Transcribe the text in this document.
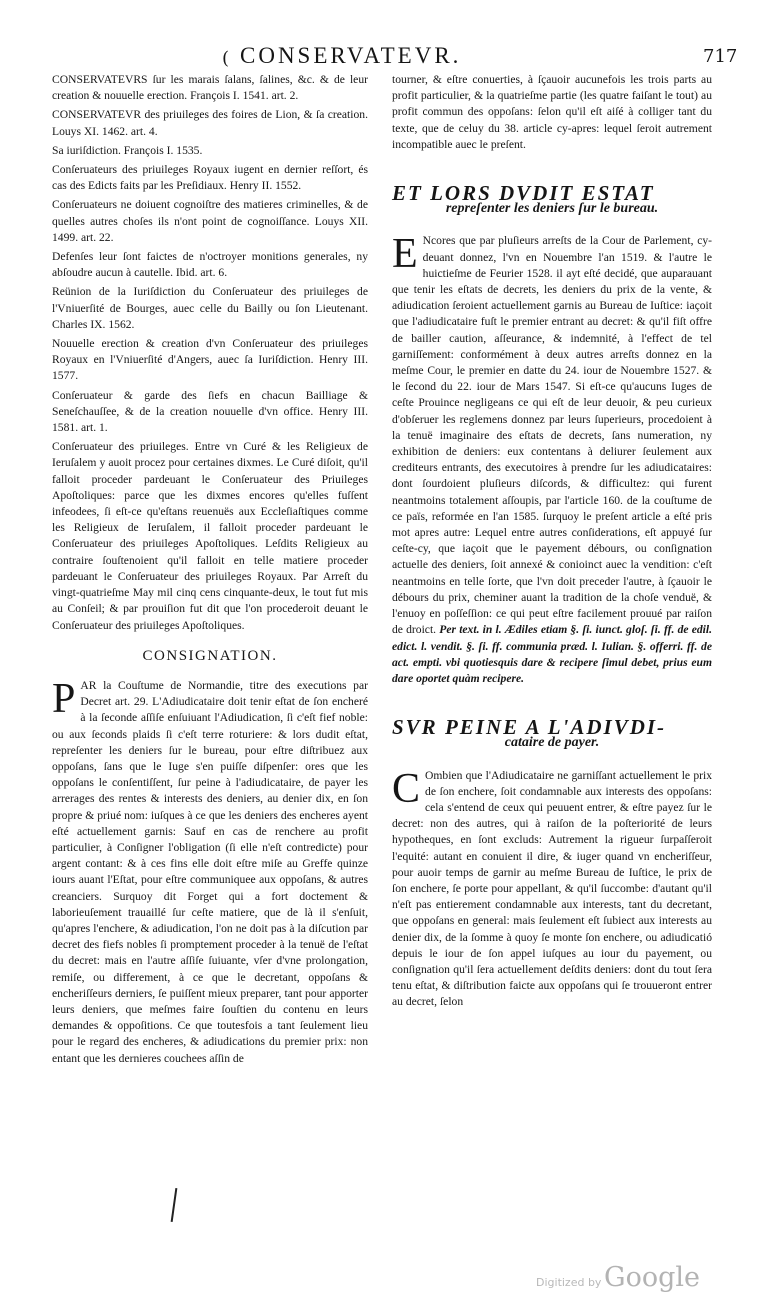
( CONSERVATEVR.	717

CONSERVATEVRS ſur les marais ſalans, ſalines, &c. & de leur creation & nouuelle erection. François I. 1541. art. 2.

CONSERVATEVR des priuileges des foires de Lion, & ſa creation. Louys XI. 1462. art. 4.

Sa iuriſdiction. François I. 1535.

Conſeruateurs des priuileges Royaux iugent en dernier reſſort, és cas des Edicts faits par les Preſidiaux. Henry II. 1552.

Conſeruateurs ne doiuent cognoiſtre des matieres criminelles, & de quelles autres choſes ils n'ont point de cognoiſſance. Louys XII. 1499. art. 22.

Defenſes leur ſont faictes de n'octroyer monitions generales, ny abſoudre aucun à cautelle. Ibid. art. 6.

Reünion de la Iuriſdiction du Conſeruateur des priuileges de l'Vniuerſité de Bourges, auec celle du Bailly ou ſon Lieutenant. Charles IX. 1562.

Nouuelle erection & creation d'vn Conſeruateur des priuileges Royaux en l'Vniuerſité d'Angers, auec ſa Iuriſdiction. Henry III. 1577.

Conſeruateur & garde des ſiefs en chacun Bailliage & Seneſchauſſee, & de la creation nouuelle d'vn office. Henry III. 1581. art. 1.

Conſeruateur des priuileges. Entre vn Curé & les Religieux de Ieruſalem y auoit procez pour certaines dixmes. Le Curé diſoit, qu'il falloit proceder pardeuant le Conſeruateur des Priuileges Apoſtoliques: parce que les dixmes encores qu'elles fuſſent infeodees, ſi eſt-ce qu'eſtans reuenuës aux Eccleſiaſtiques comme les Religieux de Ieruſalem, il falloit proceder pardeuant le Conſeruateur des priuileges Apoſtoliques. Leſdits Religieux au contraire ſouſtenoient qu'il falloit en telle matiere proceder pardeuant le Conſeruateur des priuileges Royaux. Par Arreſt du vingt-quatrieſme May mil cinq cens cinquante-deux, le tout fut mis au Conſeil; & par prouiſion fut dit que l'on procederoit deuant le Conſeruateur des priuileges Apoſtoliques.

CONSIGNATION.

P AR la Couſtume de Normandie, titre des executions par Decret art. 29. L'Adiudicataire doit tenir eſtat de ſon encheré à la ſeconde aſſiſe enſuiuant l'Adiudication, ſi c'eſt fief noble: ou aux ſeconds plaids ſi c'eſt terre roturiere: & lors dudit eſtat, repreſenter les deniers ſur le bureau, pour eſtre diſtribuez aux oppoſans, ſans que le Iuge s'en puiſſe diſpenſer: ores que les oppoſans le conſentiſſent, ſur peine à l'adiudicataire, de payer les arrerages des rentes & interests des deniers, au denier dix, en ſon propre & priué nom: iuſques à ce que les deniers des encheres ayent eſté actuellement garnis: Sauf en cas de renchere au profit particulier, à Conſigner l'obligation (ſi elle n'eſt contredicte) pour argent contant: & à ces fins elle doit eſtre miſe au Greffe quinze iours auant l'Eſtat, pour eſtre communiquee aux oppoſans, & autres creanciers. Surquoy dit Forget qui a fort doctement & laborieuſement trauaillé ſur ceſte matiere, que de là il s'enſuit, qu'apres l'enchere, & adiudication, l'on ne doit pas à la diſcution par decret des fiefs nobles ſi promptement proceder à la tenuë de l'eſtat du decret: mais en l'autre aſſiſe ſuiuante, vſer d'vne prolongation, remiſe, ou differement, à ce que le decretant, oppoſans & encheriſſeurs derniers, ſe puiſſent mieux preparer, tant pour apporter leurs deniers, que meſmes faire ſouſtien du contenu en leurs demandes & oppoſitions. Ce que toutesfois a tant ſeulement lieu pour le regard des encheres, & adiudications du premier prix: non entant que les dernieres couchees aſſin de

tourner, & eſtre conuerties, à ſçauoir aucunefois les trois parts au profit particulier, & la quatrieſme partie (les quatre faiſant le tout) au profit commun des oppoſans: ſelon qu'il eſt aiſé à colliger tant du texte, que de celuy du 38. article cy-apres: lequel ſeroit autrement incompatible auec le preſent.

ET LORS DVDIT ESTAT
repreſenter les deniers ſur le bureau.

E Ncores que par pluſieurs arreſts de la Cour de Parlement, cy-deuant donnez, l'vn en Nouembre l'an 1519. & l'autre le huictieſme de Feurier 1528. il ayt eſté decidé, que auparauant que tenir les eſtats de decrets, les deniers du prix de la vente, & adiudication ſeroient actuellement garnis au Bureau de Iuſtice: iaçoit que l'adiudicataire fuſt le premier entrant au decret: & qu'il fiſt offre de bailler caution, aſſeurance, & indemnité, à l'effect de tel garniſſement: conformément à deux autres arreſts donnez en la meſme Cour, le premier en datte du 24. iour de Nouembre 1527. & le ſecond du 22. iour de Mars 1547. Si eſt-ce qu'aucuns Iuges de ceſte Prouince negligeans ce qui eſt de leur deuoir, & peu curieux d'obſeruer les reglemens donnez par leurs ſuperieurs, procedoient à la tenuë imaginaire des eſtats de decrets, ſans numeration, ny exhibition de deniers: eux contentans à deliurer ſeulement aux crediteurs entrants, des executoires à prendre ſur les adiudicataires: dont ſourdoient pluſieurs diſcords, & difficultez: qui furent neantmoins totalement aſſoupis, par l'article 160. de la couſtume de ce païs, reformée en l'an 1585. ſurquoy le preſent article a eſté pris mot apres autre: Lequel entre autres conſiderations, eſt appuyé ſur ceſte-cy, que iaçoit que le payement débours, ou conſignation actuelle des deniers, ſoit annexé & conioinct auec la vendition: c'eſt neantmoins en telle ſorte, que l'vn doit preceder l'autre, à ſçauoir le débours du prix, cheminer auant la tradition de la choſe venduë, & l'enuoy en poſſeſſion: ce qui peut eſtre facilement prouué par raiſon de droict. Per text. in l. Ædiles etiam §. ſi. iunct. gloſ. ſi. ff. de edil. edict. l. vendit. §. ſi. ff. communia præd. l. Iulian. §. offerri. ff. de act. empti. vbi quotiesquis dare & recipere ſimul debet, prius eum dare oportet quàm recipere.

SVR PEINE A L'ADIVDI-
cataire de payer.

C Ombien que l'Adiudicataire ne garniſſant actuellement le prix de ſon enchere, ſoit condamnable aux interests des oppoſans: cela s'entend de ceux qui peuuent entrer, & eſtre payez ſur le decret: non des autres, qui à raiſon de la poſteriorité de leurs hypotheques, en ſont excluds: Autrement la rigueur ſurpaſſeroit l'equité: autant en conuient il dire, & iuger quand vn encheriſſeur, pour auoir temps de garnir au meſme Bureau de Iuſtice, le prix de ſon enchere, ſe porte pour appellant, & qu'il ſuccombe: d'autant qu'il n'eſt pas entierement condamnable aux interests, tant du decretant, que oppoſans en general: mais ſeulement eſt ſubiect aux interests au denier dix, de la ſomme à quoy ſe monte ſon enchere, ou adiudicatió depuis le iour de ſon appel iuſques au iour du payement, ou conſignation qu'il ſera actuellement deſdits deniers: dont du tout ſera tenu eſtat, & diſtribution faicte aux oppoſans qui ſe trouueront entrer au decret, ſelon

Digitized by Google
